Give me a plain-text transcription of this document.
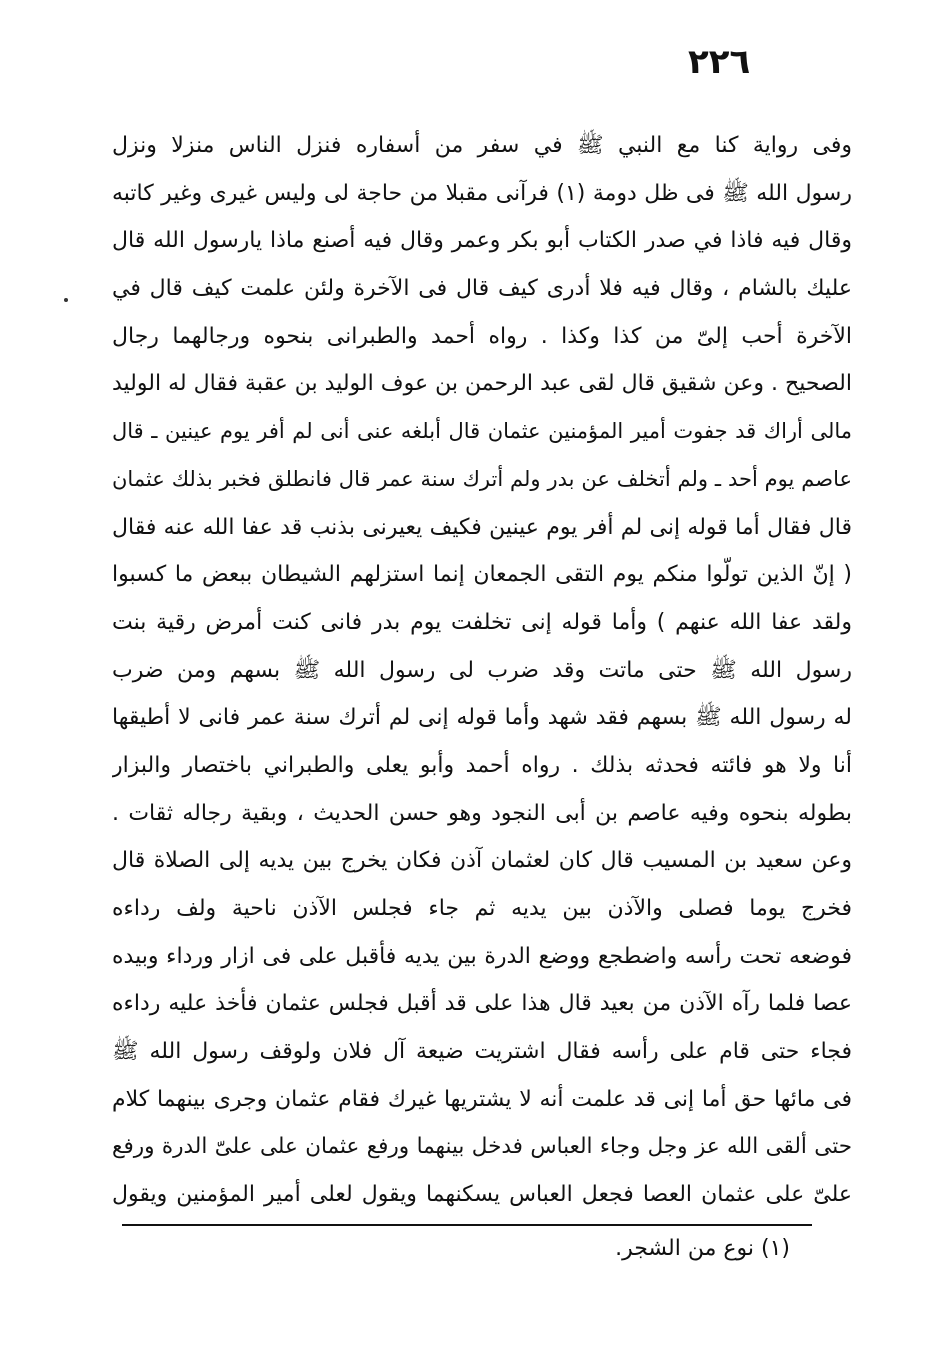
٢٢٦
وفى رواية كنا مع النبي ﷺ في سفر من أسفاره فنزل الناس منزلا ونزل
رسول الله ﷺ فى ظل دومة (١) فرآنى مقبلا من حاجة لى وليس غيرى وغير كاتبه
وقال فيه فاذا في صدر الكتاب أبو بكر وعمر وقال فيه أصنع ماذا يارسول الله قال
عليك بالشام ، وقال فيه فلا أدرى كيف قال فى الآخرة ولئن علمت كيف قال في
الآخرة أحب إلىّ من كذا وكذا . رواه أحمد والطبرانى بنحوه ورجالهما رجال
الصحيح . وعن شقيق قال لقى عبد الرحمن بن عوف الوليد بن عقبة فقال له الوليد
مالى أراك قد جفوت أمير المؤمنين عثمان قال أبلغه عنى أنى لم أفر يوم عينين ـ قال
عاصم يوم أحد ـ ولم أتخلف عن بدر ولم أترك سنة عمر قال فانطلق فخبر بذلك عثمان
قال فقال أما قوله إنى لم أفر يوم عينين فكيف يعيرنى بذنب قد عفا الله عنه فقال
( إنّ الذين تولّوا منكم يوم التقى الجمعان إنما استزلهم الشيطان ببعض ما كسبوا
ولقد عفا الله عنهم ) وأما قوله إنى تخلفت يوم بدر فانى كنت أمرض رقية بنت
رسول الله ﷺ حتى ماتت وقد ضرب لى رسول الله ﷺ بسهم ومن ضرب
له رسول الله ﷺ بسهم فقد شهد وأما قوله إنى لم أترك سنة عمر فانى لا أطيقها
أنا ولا هو فائته فحدثه بذلك . رواه أحمد وأبو يعلى والطبراني باختصار والبزار
بطوله بنحوه وفيه عاصم بن أبى النجود وهو حسن الحديث ، وبقية رجاله ثقات .
وعن سعيد بن المسيب قال كان لعثمان آذن فكان يخرج بين يديه إلى الصلاة قال
فخرج يوما فصلى والآذن بين يديه ثم جاء فجلس الآذن ناحية ولف رداءه
فوضعه تحت رأسه واضطجع ووضع الدرة بين يديه فأقبل على فى ازار ورداء وبيده
عصا فلما رآه الآذن من بعيد قال هذا على قد أقبل فجلس عثمان فأخذ عليه رداءه
فجاء حتى قام على رأسه فقال اشتريت ضيعة آل فلان ولوقف رسول الله ﷺ
فى مائها حق أما إنى قد علمت أنه لا يشتريها غيرك فقام عثمان وجرى بينهما كلام
حتى ألقى الله عز وجل وجاء العباس فدخل بينهما ورفع عثمان على علىّ الدرة ورفع
علىّ على عثمان العصا فجعل العباس يسكنهما ويقول لعلى أمير المؤمنين ويقول
(١) نوع من الشجر.
